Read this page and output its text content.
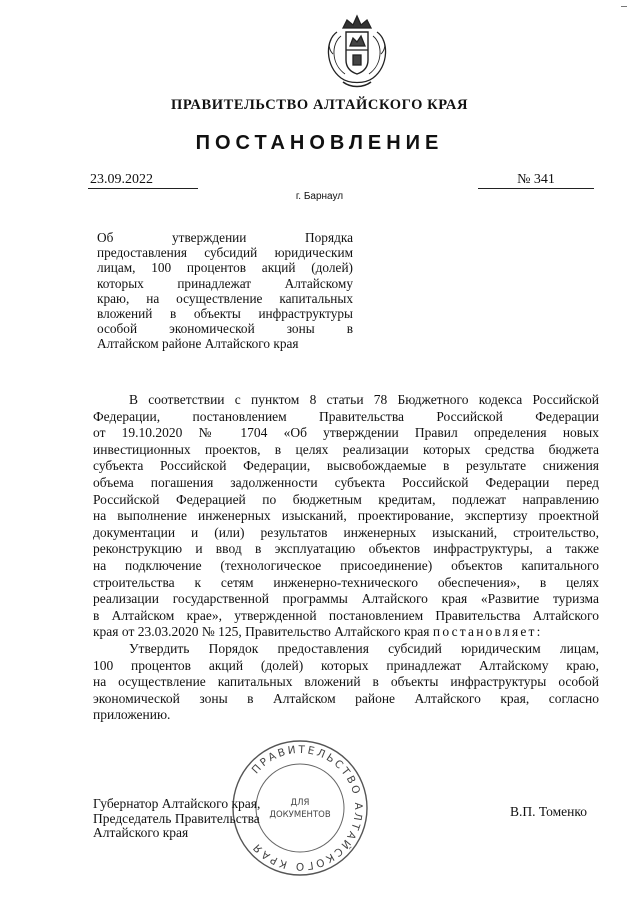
ПРАВИТЕЛЬСТВО АЛТАЙСКОГО КРАЯ
ПОСТАНОВЛЕНИЕ
23.09.2022	№ 341
г. Барнаул
Об утверждении Порядка
предоставления субсидий юридическим
лицам, 100 процентов акций (долей)
которых принадлежат Алтайскому
краю, на осуществление капитальных
вложений в объекты инфраструктуры
особой экономической зоны в
Алтайском районе Алтайского края
В соответствии с пунктом 8 статьи 78 Бюджетного кодекса Российской
Федерации, постановлением Правительства Российской Федерации
от 19.10.2020 № 1704 «Об утверждении Правил определения новых
инвестиционных проектов, в целях реализации которых средства бюджета
субъекта Российской Федерации, высвобождаемые в результате снижения
объема погашения задолженности субъекта Российской Федерации перед
Российской Федерацией по бюджетным кредитам, подлежат направлению
на выполнение инженерных изысканий, проектирование, экспертизу проектной
документации и (или) результатов инженерных изысканий, строительство,
реконструкцию и ввод в эксплуатацию объектов инфраструктуры, а также
на подключение (технологическое присоединение) объектов капитального
строительства к сетям инженерно-технического обеспечения», в целях
реализации государственной программы Алтайского края «Развитие туризма
в Алтайском крае», утвержденной постановлением Правительства Алтайского
края от 23.03.2020 № 125, Правительство Алтайского края постановляет:
Утвердить Порядок предоставления субсидий юридическим лицам,
100 процентов акций (долей) которых принадлежат Алтайскому краю,
на осуществление капитальных вложений в объекты инфраструктуры особой
экономической зоны в Алтайском районе Алтайского края, согласно
приложению.
ПРАВИТЕЛЬСТВО АЛТАЙСКОГО КРАЯ
ДЛЯ
ДОКУМЕНТОВ
Губернатор Алтайского края,
Председатель Правительства
Алтайского края
В.П. Томенко
